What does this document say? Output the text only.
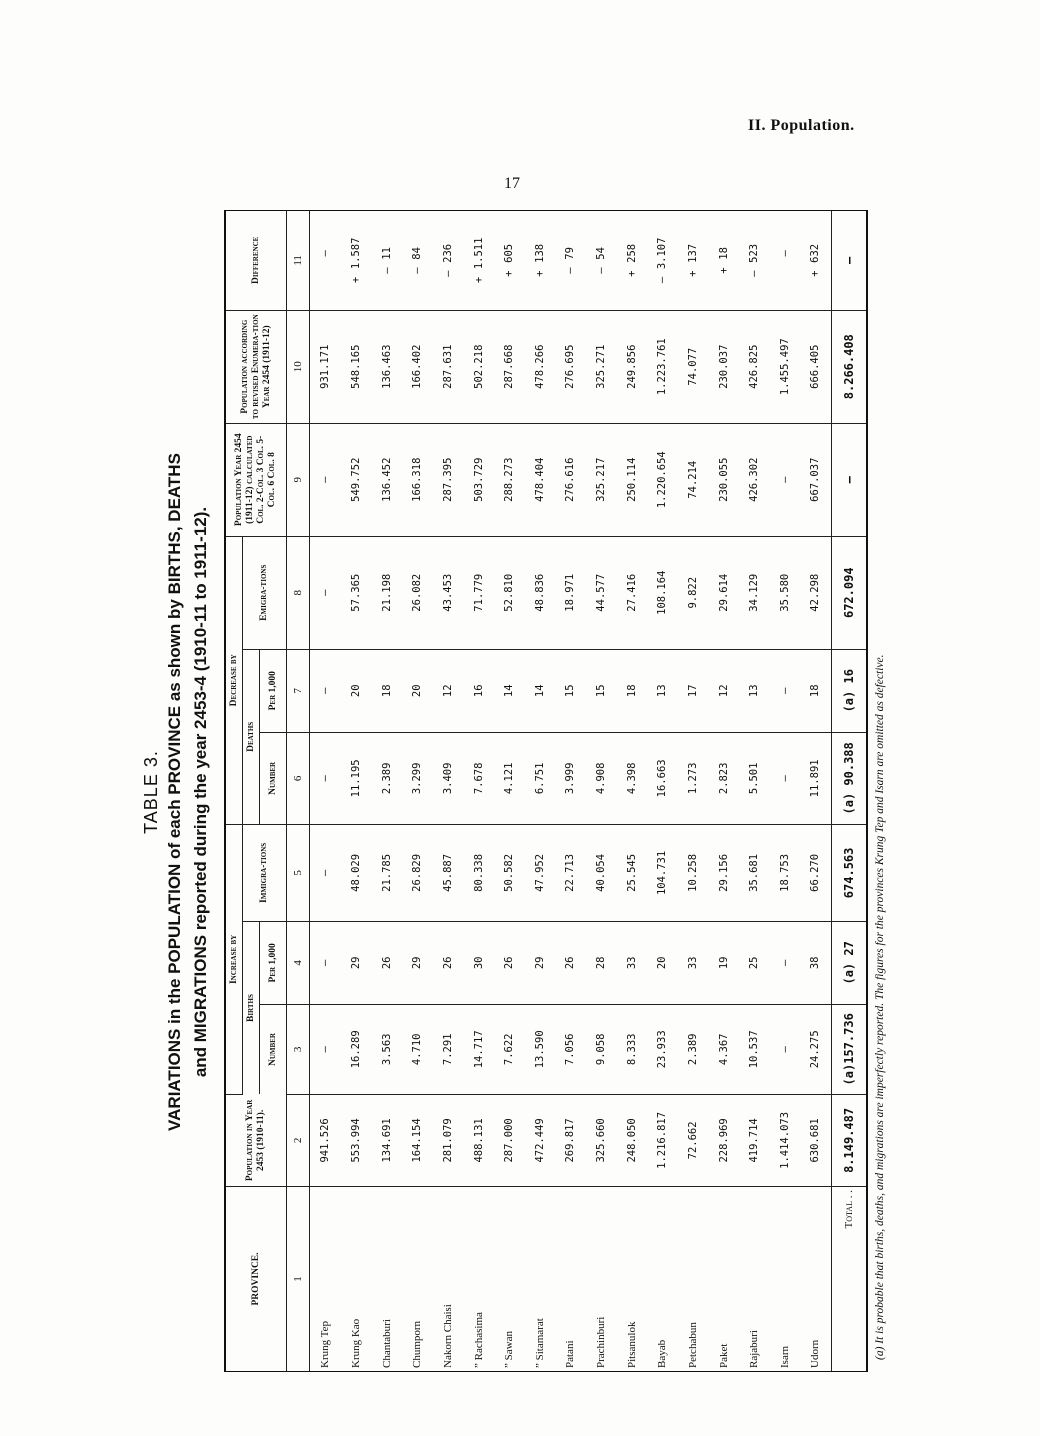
II. Population.
17
TABLE 3. VARIATIONS in the POPULATION of each PROVINCE as shown by BIRTHS, DEATHS and MIGRATIONS reported during the year 2453-4 (1910-11 to 1911-12).
PROVINCE.	Population in Year 2453 (1910-11).	Increase by			Decrease by			Population Year 2454 (1911-12) calculated Col. 2-Col. 3 Col. 5-Col. 6 Col. 8	Population according to revised Enumera-tion Year 2454 (1911-12)	Difference
		Births		Immigra-tions	Deaths		Emigra-tions			
		Number	Per 1,000		Number	Per 1,000				
1	2	3	4	5	6	7	8	9	10	11
Krung Tep	941.526	—	—	—	—	—	—	—	931.171	—
Krung Kao	553.994	16.289	29	48.029	11.195	20	57.365	549.752	548.165	+1.587
Chantaburi	134.691	3.563	26	21.785	2.389	18	21.198	136.452	136.463	—11
Chumporn	164.154	4.710	29	26.829	3.299	20	26.082	166.318	166.402	—84
Nakorn Chaisi	281.079	7.291	26	45.887	3.409	12	43.453	287.395	287.631	—236
” Rachasima	488.131	14.717	30	80.338	7.678	16	71.779	503.729	502.218	+1.511
” Sawan	287.000	7.622	26	50.582	4.121	14	52.810	288.273	287.668	+605
” Sitamarat	472.449	13.590	29	47.952	6.751	14	48.836	478.404	478.266	+138
Patani	269.817	7.056	26	22.713	3.999	15	18.971	276.616	276.695	—79
Prachinburi	325.660	9.058	28	40.054	4.908	15	44.577	325.217	325.271	—54
Pitsanulok	248.050	8.333	33	25.545	4.398	18	27.416	250.114	249.856	+258
Bayab	1.216.817	23.933	20	104.731	16.663	13	108.164	1.220.654	1.223.761	—3.107
Petchabun	72.662	2.389	33	10.258	1.273	17	9.822	74.214	74.077	+137
Paket	228.969	4.367	19	29.156	2.823	12	29.614	230.055	230.037	+18
Rajaburi	419.714	10.537	25	35.681	5.501	13	34.129	426.302	426.825	—523
Isarn	1.414.073	—	—	18.753	—	—	35.580	—	1.455.497	—
Udorn	630.681	24.275	38	66.270	11.891	18	42.298	667.037	666.405	+632
Total . .	8.149.487	(a)157.736	(a) 27	674.563	(a) 90.388	(a) 16	672.094	—	8.266.408	—
(a) It is probable that births, deaths, and migrations are imperfectly reported. The figures for the provinces Krung Tep and Isarn are omitted as defective.
